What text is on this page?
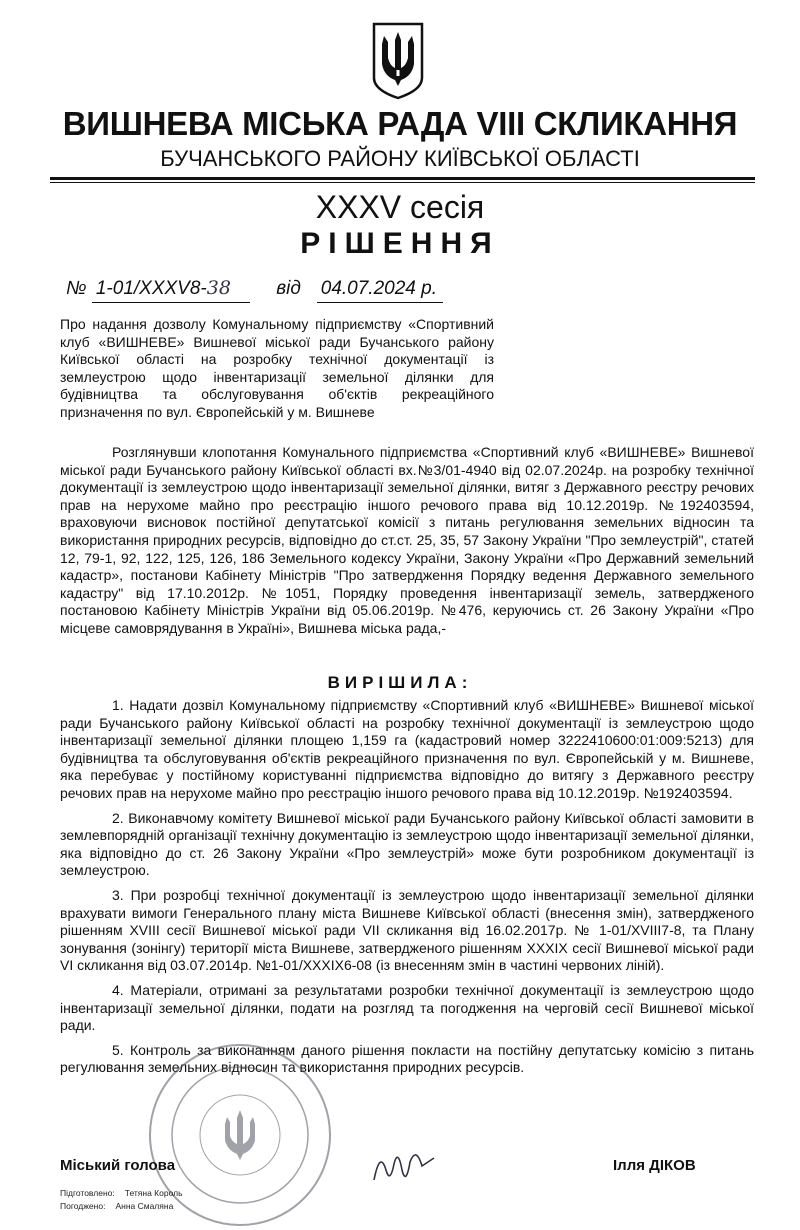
ВИШНЕВА МІСЬКА РАДА VIII СКЛИКАННЯ
БУЧАНСЬКОГО РАЙОНУ КИЇВСЬКОЇ ОБЛАСТІ
XXXV сесія
РІШЕННЯ
№ 1-01/XXXV8-38 від 04.07.2024 р.
Про надання дозволу Комунальному підприємству «Спортивний клуб «ВИШНЕВЕ» Вишневої міської ради Бучанського району Київської області на розробку технічної документації із землеустрою щодо інвентаризації земельної ділянки для будівництва та обслуговування об'єктів рекреаційного призначення по вул. Європейській у м. Вишневе

Розглянувши клопотання Комунального підприємства «Спортивний клуб «ВИШНЕВЕ» Вишневої міської ради Бучанського району Київської області вх.№3/01-4940 від 02.07.2024р. на розробку технічної документації із землеустрою щодо інвентаризації земельної ділянки, витяг з Державного реєстру речових прав на нерухоме майно про реєстрацію іншого речового права від 10.12.2019р. №192403594, враховуючи висновок постійної депутатської комісії з питань регулювання земельних відносин та використання природних ресурсів, відповідно до ст.ст. 25, 35, 57 Закону України "Про землеустрій", статей 12, 79-1, 92, 122, 125, 126, 186 Земельного кодексу України, Закону України «Про Державний земельний кадастр», постанови Кабінету Міністрів "Про затвердження Порядку ведення Державного земельного кадастру" від 17.10.2012р. №1051, Порядку проведення інвентаризації земель, затвердженого постановою Кабінету Міністрів України від 05.06.2019р. №476, керуючись ст. 26 Закону України «Про місцеве самоврядування в Україні», Вишнева міська рада,-

ВИРІШИЛА:

1. Надати дозвіл Комунальному підприємству «Спортивний клуб «ВИШНЕВЕ» Вишневої міської ради Бучанського району Київської області на розробку технічної документації із землеустрою щодо інвентаризації земельної ділянки площею 1,159 га (кадастровий номер 3222410600:01:009:5213) для будівництва та обслуговування об'єктів рекреаційного призначення по вул. Європейській у м. Вишневе, яка перебуває у постійному користуванні підприємства відповідно до витягу з Державного реєстру речових прав на нерухоме майно про реєстрацію іншого речового права від 10.12.2019р. №192403594.

2. Виконавчому комітету Вишневої міської ради Бучанського району Київської області замовити в землевпорядній організації технічну документацію із землеустрою щодо інвентаризації земельної ділянки, яка відповідно до ст. 26 Закону України «Про землеустрій» може бути розробником документації із землеустрою.

3. При розробці технічної документації із землеустрою щодо інвентаризації земельної ділянки врахувати вимоги Генерального плану міста Вишневе Київської області (внесення змін), затвердженого рішенням XVIII сесії Вишневої міської ради VII скликання від 16.02.2017р. № 1-01/XVIII7-8, та Плану зонування (зонінгу) території міста Вишневе, затвердженого рішенням XXXIX сесії Вишневої міської ради VI скликання від 03.07.2014р. №1-01/XXXIX6-08 (із внесенням змін в частині червоних ліній).

4. Матеріали, отримані за результатами розробки технічної документації із землеустрою щодо інвентаризації земельної ділянки, подати на розгляд та погодження на черговій сесії Вишневої міської ради.

5. Контроль за виконанням даного рішення покласти на постійну депутатську комісію з питань регулювання земельних відносин та використання природних ресурсів.

Міський голова	Ілля ДІКОВ
Підготовлено: Тетяна Король
Погоджено: Анна Смаляна
